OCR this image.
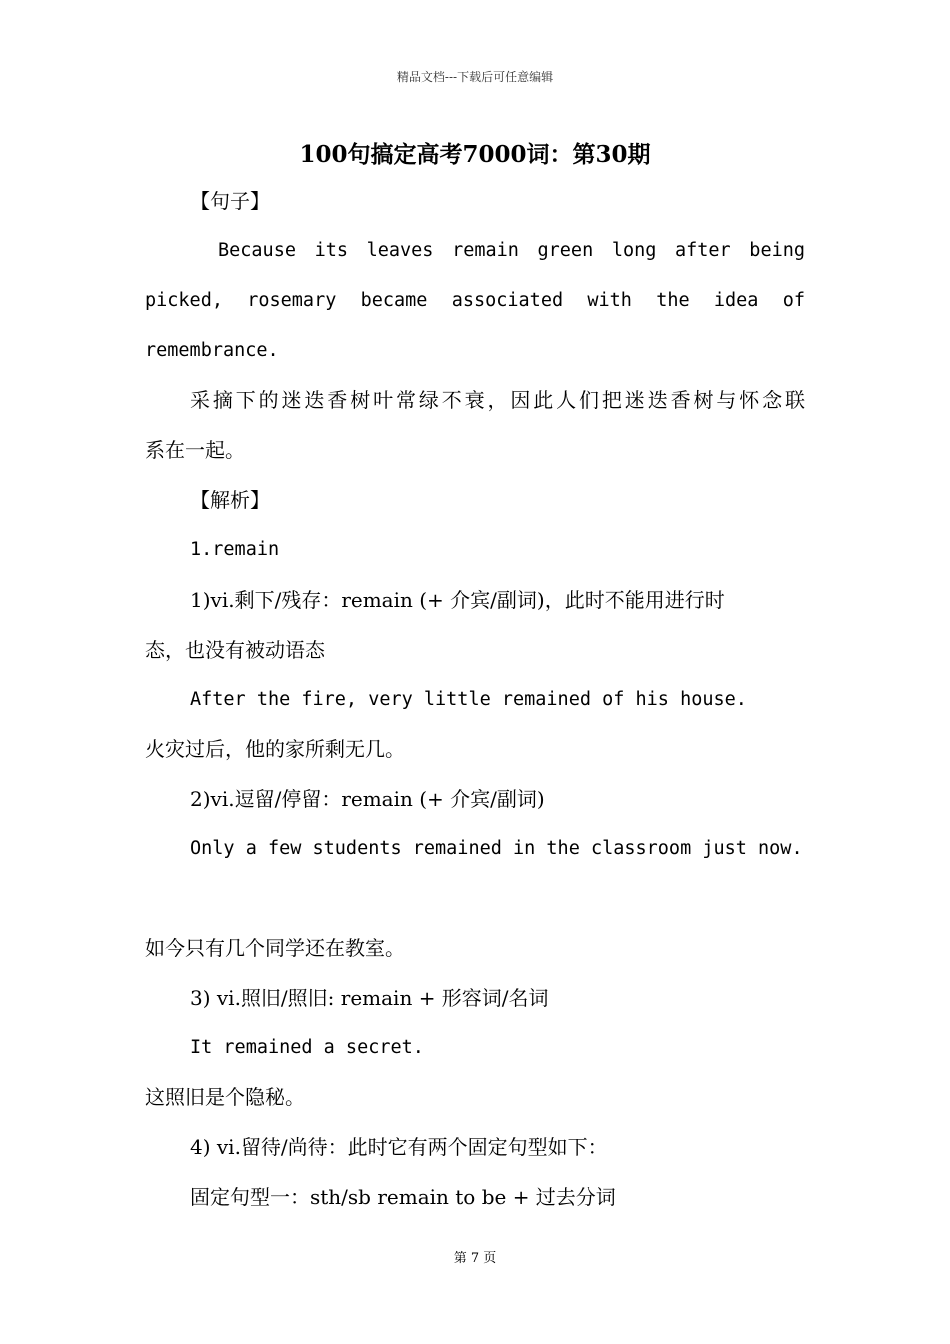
精品文档---下载后可任意编辑
100句搞定高考7000词：第30期
【句子】
Because its leaves remain green long after being
picked, rosemary became associated with the idea of
remembrance.
采摘下的迷迭香树叶常绿不衰，因此人们把迷迭香树与怀念联
系在一起。
【解析】
1.remain
1)vi.剩下/残存：remain (+ 介宾/副词)，此时不能用进行时
态，也没有被动语态
After the fire, very little remained of his house.
火灾过后，他的家所剩无几。
2)vi.逗留/停留：remain (+ 介宾/副词)
Only a few students remained in the classroom just now.
如今只有几个同学还在教室。
3) vi.照旧/照旧: remain + 形容词/名词
It remained a secret.
这照旧是个隐秘。
4) vi.留待/尚待：此时它有两个固定句型如下：
固定句型一：sth/sb remain to be + 过去分词
第 7 页
